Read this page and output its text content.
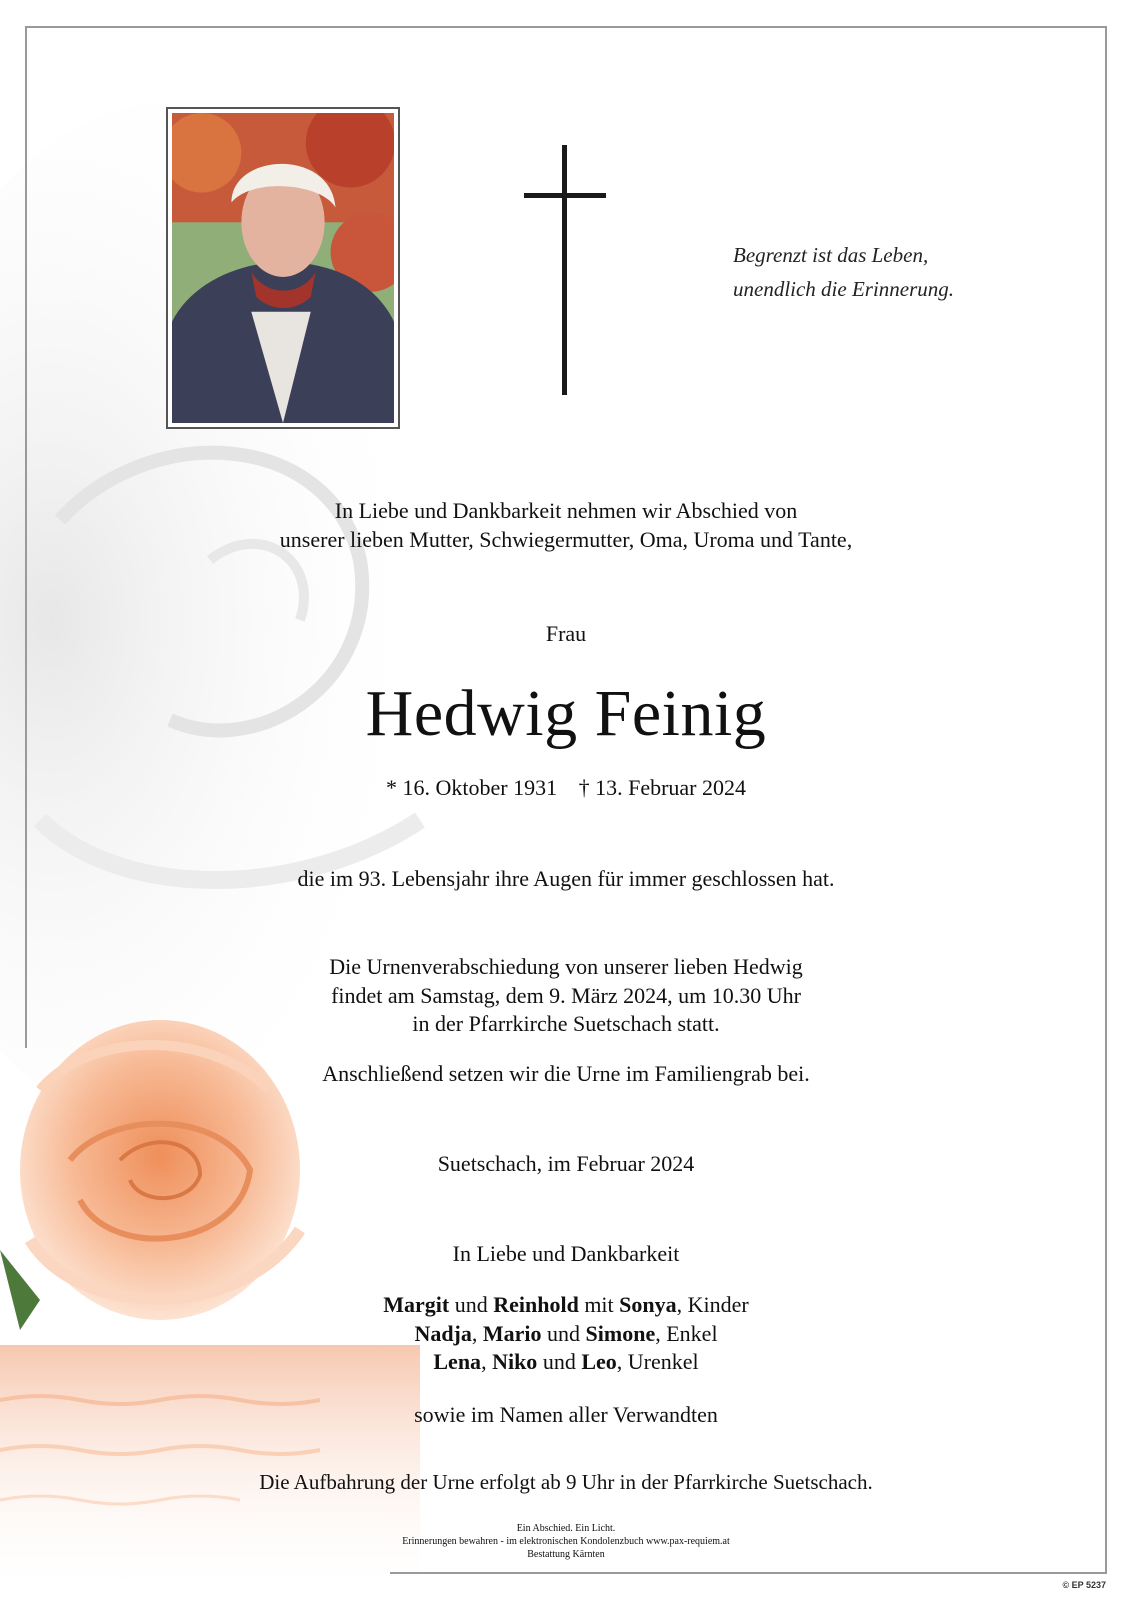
Begrenzt ist das Leben,
unendlich die Erinnerung.
In Liebe und Dankbarkeit nehmen wir Abschied von
unserer lieben Mutter, Schwiegermutter, Oma, Uroma und Tante,
Frau
Hedwig Feinig
* 16. Oktober 1931 † 13. Februar 2024
die im 93. Lebensjahr ihre Augen für immer geschlossen hat.
Die Urnenverabschiedung von unserer lieben Hedwig
findet am Samstag, dem 9. März 2024, um 10.30 Uhr
in der Pfarrkirche Suetschach statt.
Anschließend setzen wir die Urne im Familiengrab bei.
Suetschach, im Februar 2024
In Liebe und Dankbarkeit
Margit und Reinhold mit Sonya, Kinder
Nadja, Mario und Simone, Enkel
Lena, Niko und Leo, Urenkel
sowie im Namen aller Verwandten
Die Aufbahrung der Urne erfolgt ab 9 Uhr in der Pfarrkirche Suetschach.
Ein Abschied. Ein Licht.
Erinnerungen bewahren - im elektronischen Kondolenzbuch www.pax-requiem.at
Bestattung Kärnten
© EP 5237
